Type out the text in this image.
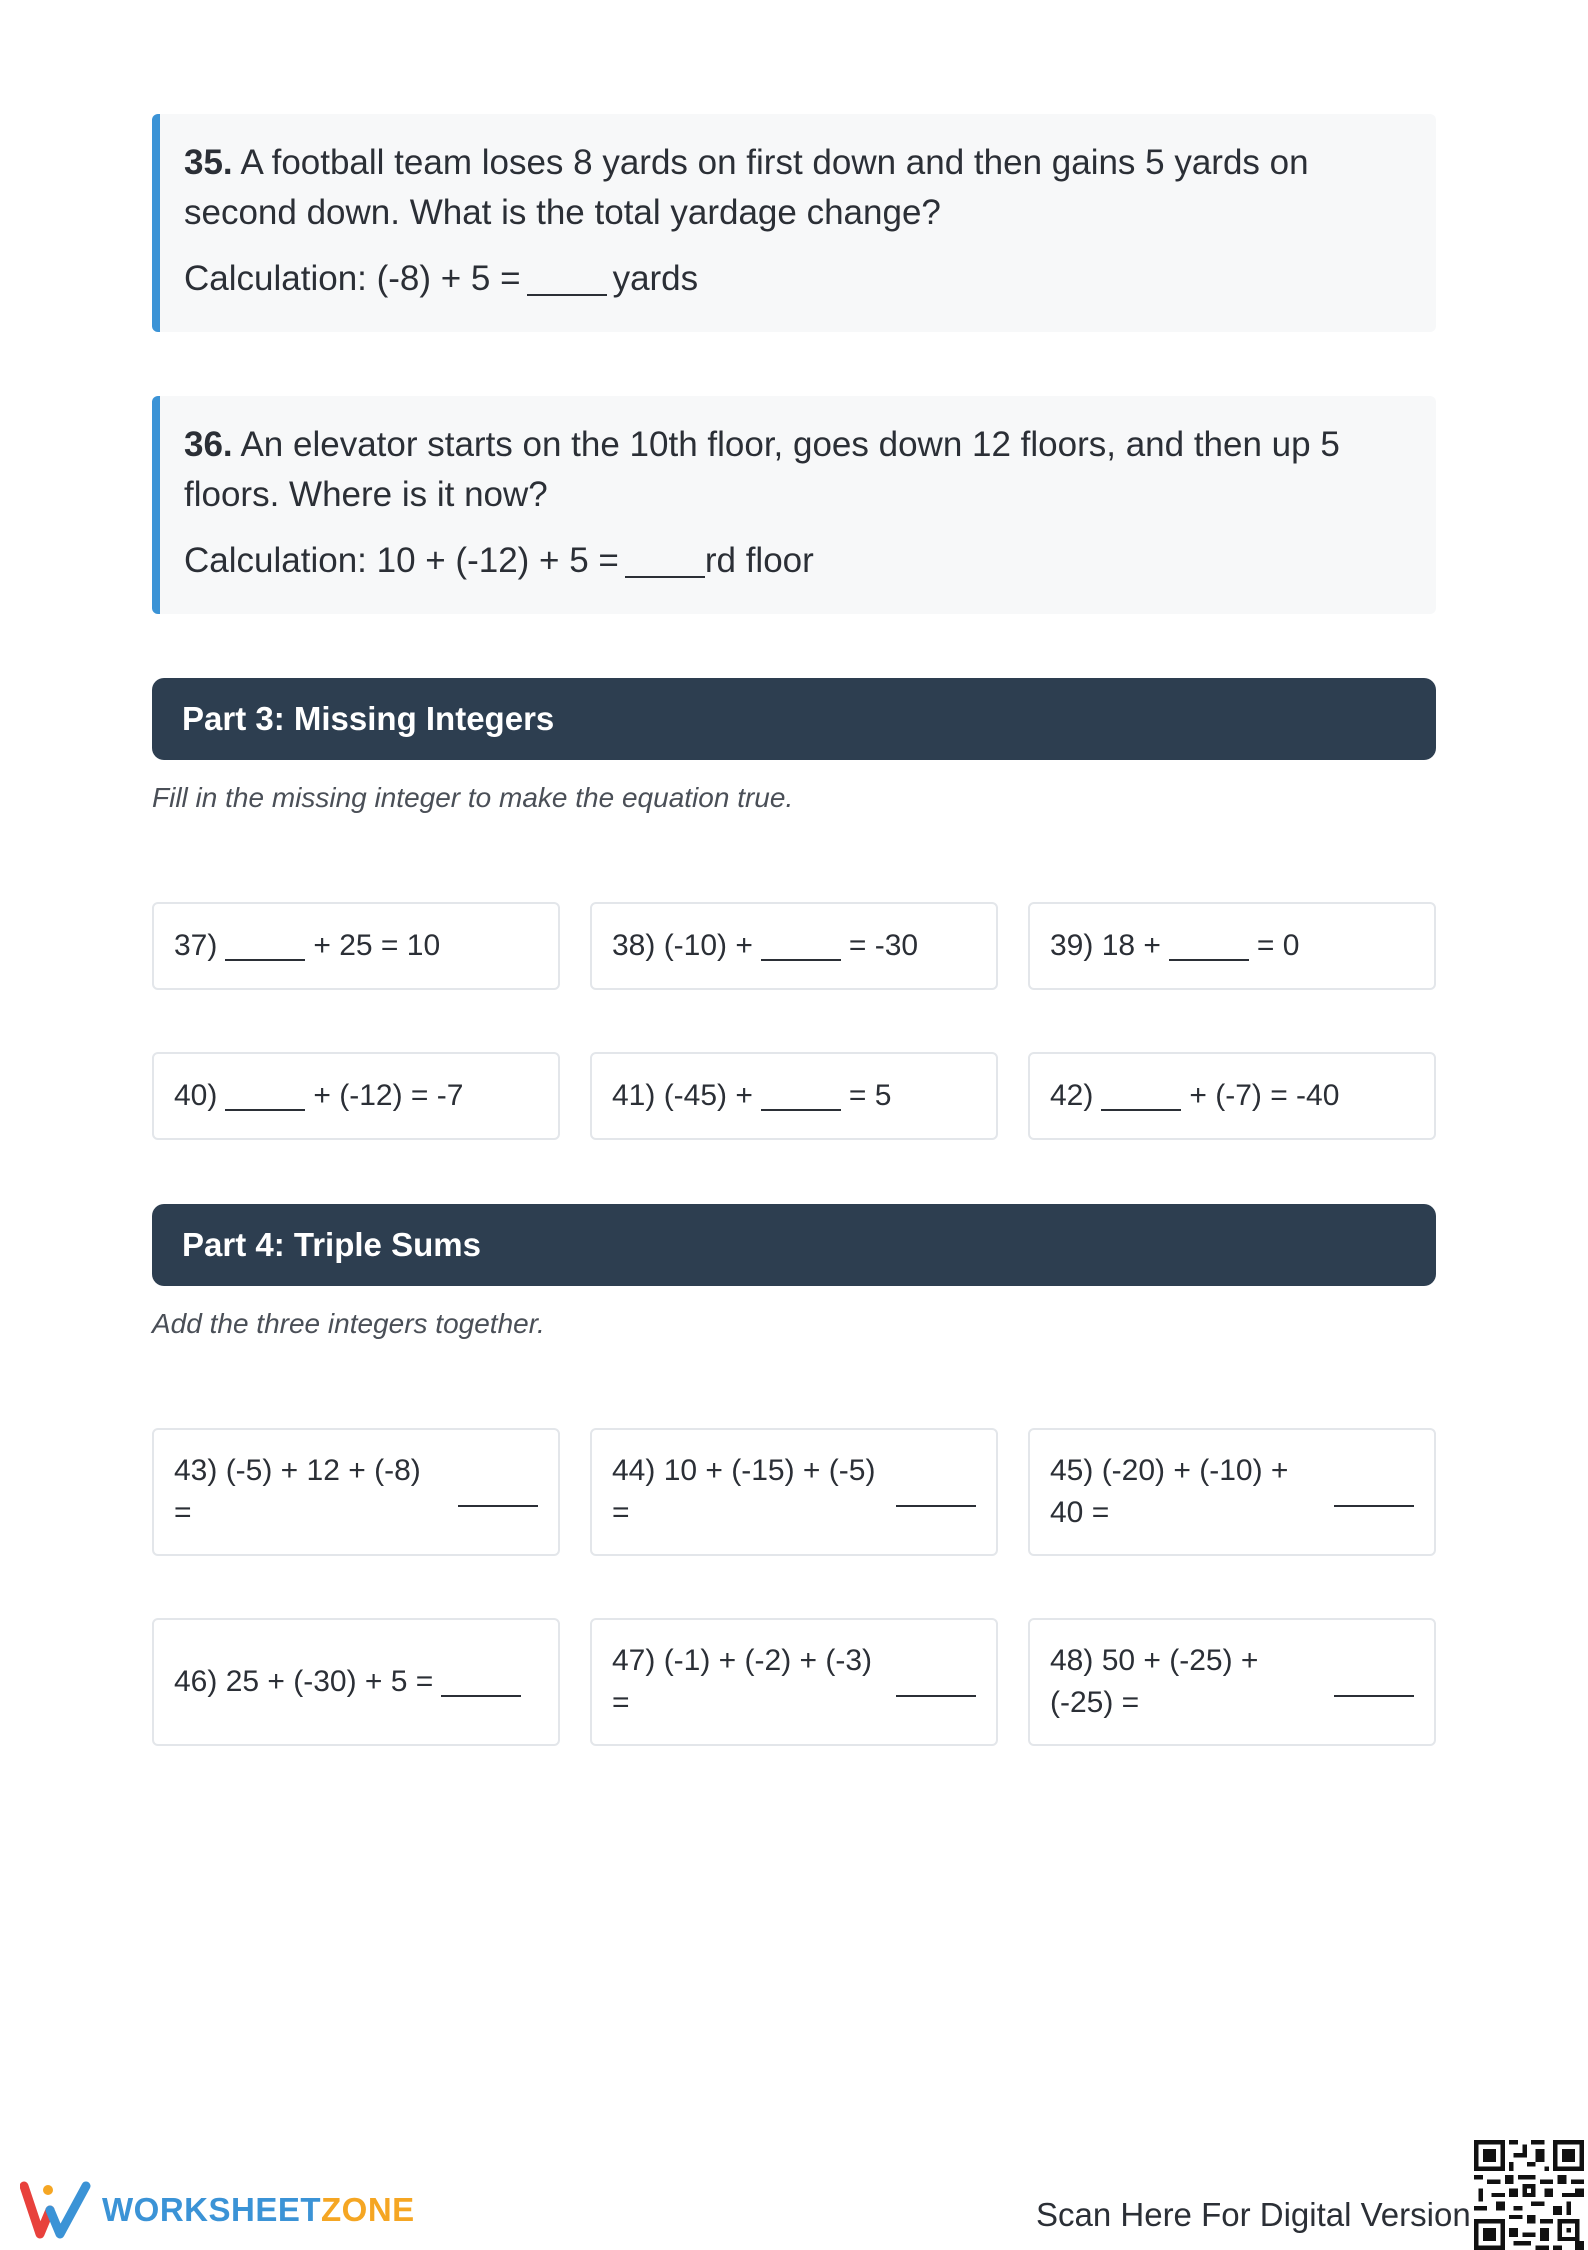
35. A football team loses 8 yards on first down and then gains 5 yards on second down. What is the total yardage change?

Calculation: (-8) + 5 =	yards

36. An elevator starts on the 10th floor, goes down 12 floors, and then up 5 floors. Where is it now?

Calculation: 10 + (-12) + 5 = rd floor
Part 3: Missing Integers
Fill in the missing integer to make the equation true.
37)	+ 25 = 10	38) (-10) +	= -30	39) 18 +	= 0
40)	+ (-12) = -7	41) (-45) +	= 5	42)	+ (-7) = -40
Part 4: Triple Sums
Add the three integers together.
43) (-5) + 12 + (-8) =
44) 10 + (-15) + (-5) =
45) (-20) + (-10) + 40 =
46) 25 + (-30) + 5 =
47) (-1) + (-2) + (-3) =
48) 50 + (-25) + (-25) =
WORKSHEETZONE	Scan Here For Digital Version
